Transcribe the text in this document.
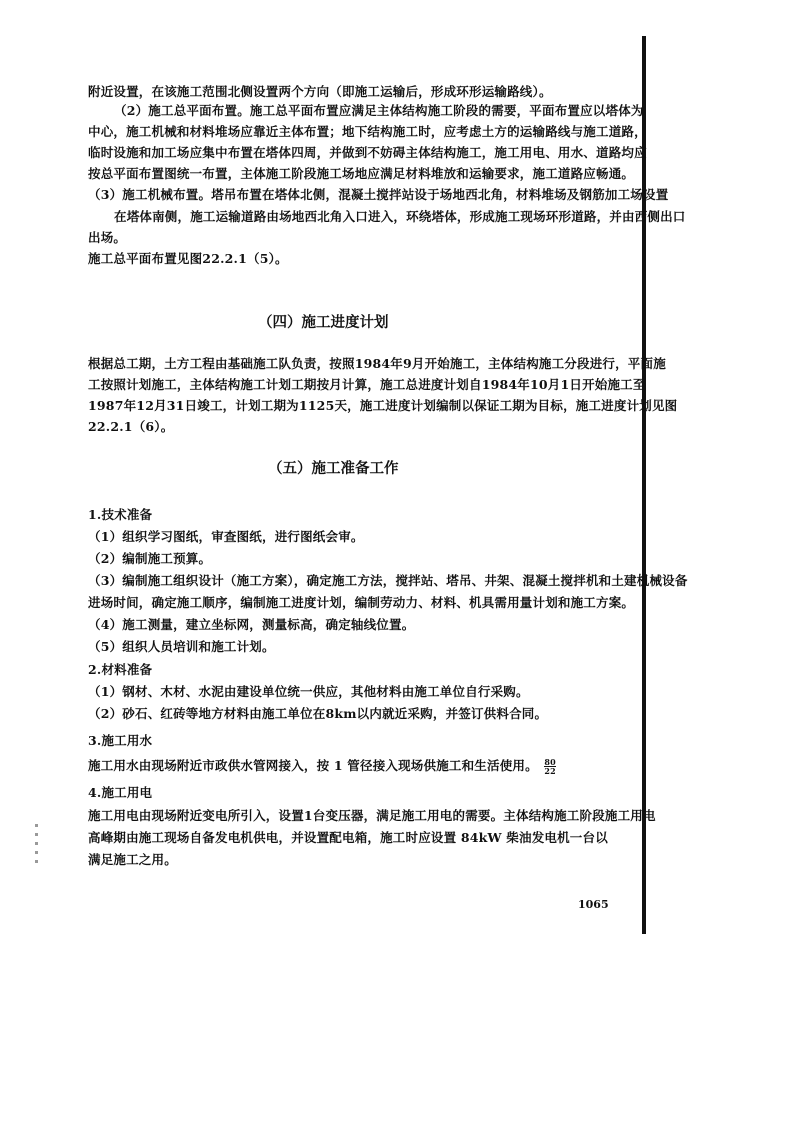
附近设置，在该施工范围北侧设置两个方向（即施工运输后，形成环形运输路线）。
（2）施工总平面布置。施工总平面布置应满足主体结构施工阶段的需要，平面布置应以塔体为
中心，施工机械和材料堆场应靠近主体布置；地下结构施工时，应考虑土方的运输路线与施工道路，
临时设施和加工场应集中布置在塔体四周，并做到不妨碍主体结构施工，施工用电、用水、道路均应
按总平面布置图统一布置，主体施工阶段施工场地应满足材料堆放和运输要求，施工道路应畅通。
（3）施工机械布置。塔吊布置在塔体北侧，混凝土搅拌站设于场地西北角，材料堆场及钢筋加工场设置
在塔体南侧，施工运输道路由场地西北角入口进入，环绕塔体，形成施工现场环形道路，并由西侧出口
出场。
施工总平面布置见图22.2.1（5）。
（四）施工进度计划
根据总工期，土方工程由基础施工队负责，按照1984年9月开始施工，主体结构施工分段进行，平面施
工按照计划施工，主体结构施工计划工期按月计算，施工总进度计划自1984年10月1日开始施工至
1987年12月31日竣工，计划工期为1125天，施工进度计划编制以保证工期为目标，施工进度计划见图
22.2.1（6）。
（五）施工准备工作
1.技术准备
（1）组织学习图纸，审查图纸，进行图纸会审。
（2）编制施工预算。
（3）编制施工组织设计（施工方案），确定施工方法，搅拌站、塔吊、井架、混凝土搅拌机和土建机械设备
进场时间，确定施工顺序，编制施工进度计划，编制劳动力、材料、机具需用量计划和施工方案。
（4）施工测量，建立坐标网，测量标高，确定轴线位置。
（5）组织人员培训和施工计划。
2.材料准备
（1）钢材、木材、水泥由建设单位统一供应，其他材料由施工单位自行采购。
（2）砂石、红砖等地方材料由施工单位在8km以内就近采购，并签订供料合同。
3.施工用水
施工用水由现场附近市政供水管网接入，按 1 管径接入现场供施工和生活使用。 $\frac{80}{22}$
4.施工用电
施工用电由现场附近变电所引入，设置1台变压器，满足施工用电的需要。主体结构施工阶段施工用电
高峰期由施工现场自备发电机供电，并设置配电箱，施工时应设置 84kW 柴油发电机一台以
满足施工之用。
1065
